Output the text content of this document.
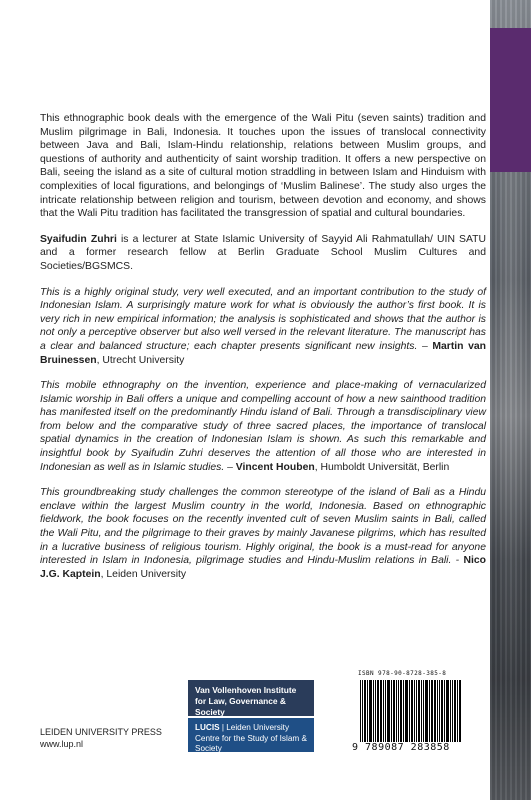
This ethnographic book deals with the emergence of the Wali Pitu (seven saints) tradition and Muslim pilgrimage in Bali, Indonesia. It touches upon the issues of translocal connectivity between Java and Bali, Islam-Hindu relationship, relations between Muslim groups, and questions of authority and authenticity of saint worship tradition. It offers a new perspective on Bali, seeing the island as a site of cultural motion straddling in between Islam and Hinduism with complexities of local figurations, and belongings of ‘Muslim Balinese’. The study also urges the intricate relationship between religion and tourism, between devotion and economy, and shows that the Wali Pitu tradition has facilitated the transgression of spatial and cultural boundaries.

Syaifudin Zuhri is a lecturer at State Islamic University of Sayyid Ali Rahmatullah/ UIN SATU and a former research fellow at Berlin Graduate School Muslim Cultures and Societies/BGSMCS.

This is a highly original study, very well executed, and an important contribution to the study of Indonesian Islam. A surprisingly mature work for what is obviously the author’s first book. It is very rich in new empirical information; the analysis is sophisticated and shows that the author is not only a perceptive observer but also well versed in the relevant literature. The manuscript has a clear and balanced structure; each chapter presents significant new insights. – Martin van Bruinessen, Utrecht University

This mobile ethnography on the invention, experience and place-making of vernacularized Islamic worship in Bali offers a unique and compelling account of how a new sainthood tradition has manifested itself on the predominantly Hindu island of Bali. Through a transdisciplinary view from below and the comparative study of three sacred places, the importance of translocal spatial dynamics in the creation of Indonesian Islam is shown. As such this remarkable and insightful book by Syaifudin Zuhri deserves the attention of all those who are interested in Indonesian as well as in Islamic studies. – Vincent Houben, Humboldt Universität, Berlin

This groundbreaking study challenges the common stereotype of the island of Bali as a Hindu enclave within the largest Muslim country in the world, Indonesia. Based on ethnographic fieldwork, the book focuses on the recently invented cult of seven Muslim saints in Bali, called the Wali Pitu, and the pilgrimage to their graves by mainly Javanese pilgrims, which has resulted in a lucrative business of religious tourism. Highly original, the book is a must-read for anyone interested in Islam in Indonesia, pilgrimage studies and Hindu-Muslim relations in Bali. - Nico J.G. Kaptein, Leiden University

LEIDEN UNIVERSITY PRESS
www.lup.nl
Van Vollenhoven Institute for Law, Governance & Society
LUCIS | Leiden University Centre for the Study of Islam & Society
ISBN 978-90-8728-385-8
9 789087 283858
